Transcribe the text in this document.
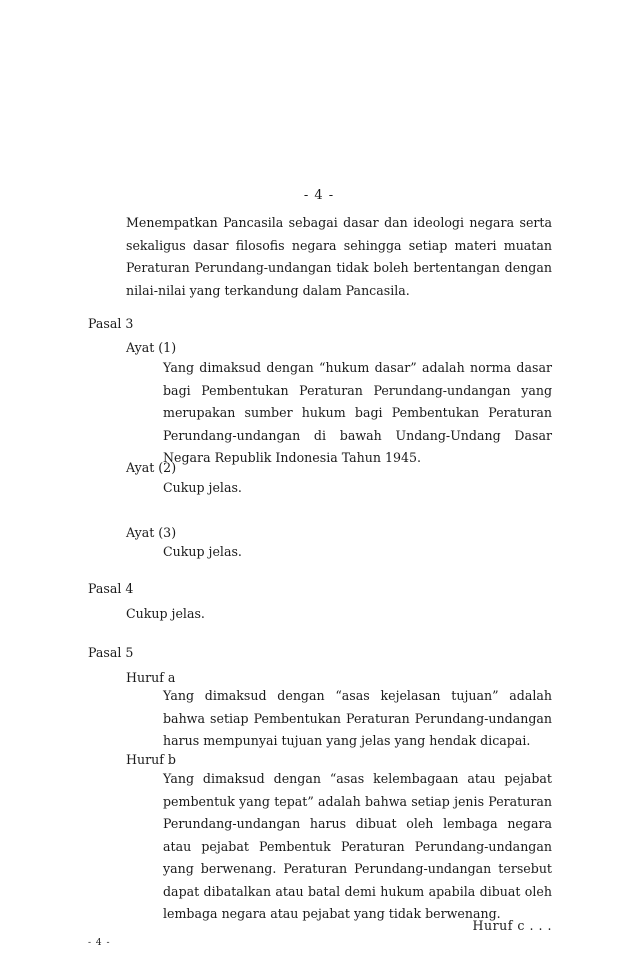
- 4 -
Menempatkan Pancasila sebagai dasar dan ideologi negara serta sekaligus dasar filosofis negara sehingga setiap materi muatan Peraturan Perundang-undangan tidak boleh bertentangan dengan nilai-nilai yang terkandung dalam Pancasila.
Pasal 3
Ayat (1)
Yang dimaksud dengan “hukum dasar” adalah norma dasar bagi Pembentukan Peraturan Perundang-undangan yang merupakan sumber hukum bagi Pembentukan Peraturan Perundang-undangan di bawah Undang-Undang Dasar Negara Republik Indonesia Tahun 1945.
Ayat (2)
Cukup jelas.
Ayat (3)
Cukup jelas.
Pasal 4
Cukup jelas.
Pasal 5
Huruf a
Yang dimaksud dengan “asas kejelasan tujuan” adalah bahwa setiap Pembentukan Peraturan Perundang-undangan harus mempunyai tujuan yang jelas yang hendak dicapai.
Huruf b
Yang dimaksud dengan “asas kelembagaan atau pejabat pembentuk yang tepat” adalah bahwa setiap jenis Peraturan Perundang-undangan harus dibuat oleh lembaga negara atau pejabat Pembentuk Peraturan Perundang-undangan yang berwenang. Peraturan Perundang-undangan tersebut dapat dibatalkan atau batal demi hukum apabila dibuat oleh lembaga negara atau pejabat yang tidak berwenang.
Huruf c . . .
- 4 -
